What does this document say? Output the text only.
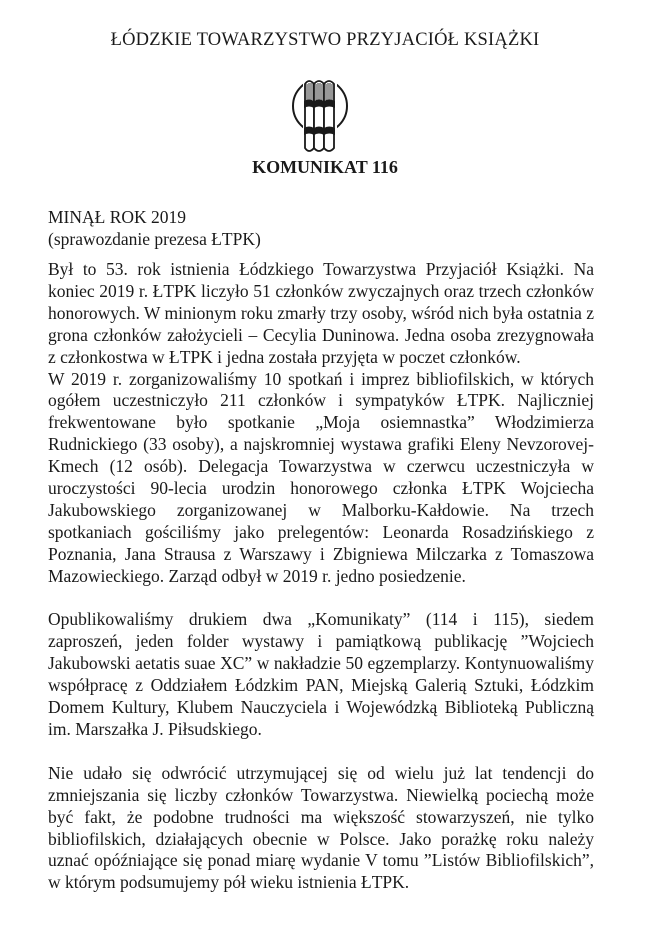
ŁÓDZKIE TOWARZYSTWO PRZYJACIÓŁ KSIĄŻKI
KOMUNIKAT 116
MINĄŁ ROK 2019
(sprawozdanie prezesa ŁTPK)

Był to 53. rok istnienia Łódzkiego Towarzystwa Przyjaciół Książki. Na koniec 2019 r. ŁTPK liczyło 51 członków zwyczajnych oraz trzech członków honorowych. W minionym roku zmarły trzy osoby, wśród nich była ostatnia z grona członków założycieli – Cecylia Duninowa. Jedna osoba zrezygnowała z członkostwa w ŁTPK i jedna została przyjęta w poczet członków.

W 2019 r. zorganizowaliśmy 10 spotkań i imprez bibliofilskich, w których ogółem uczestniczyło 211 członków i sympatyków ŁTPK. Najliczniej frekwentowane było spotkanie „Moja osiemnastka” Włodzimierza Rudnickiego (33 osoby), a najskromniej wystawa grafiki Eleny Nevzorovej-Kmech (12 osób). Delegacja Towarzystwa w czerwcu uczestniczyła w uroczystości 90-lecia urodzin honorowego członka ŁTPK Wojciecha Jakubowskiego zorganizowanej w Malborku-Kałdowie. Na trzech spotkaniach gościliśmy jako prelegentów: Leonarda Rosadzińskiego z Poznania, Jana Strausa z Warszawy i Zbigniewa Milczarka z Tomaszowa Mazowieckiego. Zarząd odbył w 2019 r. jedno posiedzenie.

Opublikowaliśmy drukiem dwa „Komunikaty” (114 i 115), siedem zaproszeń, jeden folder wystawy i pamiątkową publikację ”Wojciech Jakubowski aetatis suae XC” w nakładzie 50 egzemplarzy. Kontynuowaliśmy współpracę z Oddziałem Łódzkim PAN, Miejską Galerią Sztuki, Łódzkim Domem Kultury, Klubem Nauczyciela i Wojewódzką Biblioteką Publiczną im. Marszałka J. Piłsudskiego.

Nie udało się odwrócić utrzymującej się od wielu już lat tendencji do zmniejszania się liczby członków Towarzystwa. Niewielką pociechą może być fakt, że podobne trudności ma większość stowarzyszeń, nie tylko bibliofilskich, działających obecnie w Polsce. Jako porażkę roku należy uznać opóźniające się ponad miarę wydanie V tomu ”Listów Bibliofilskich”, w którym podsumujemy pół wieku istnienia ŁTPK.
